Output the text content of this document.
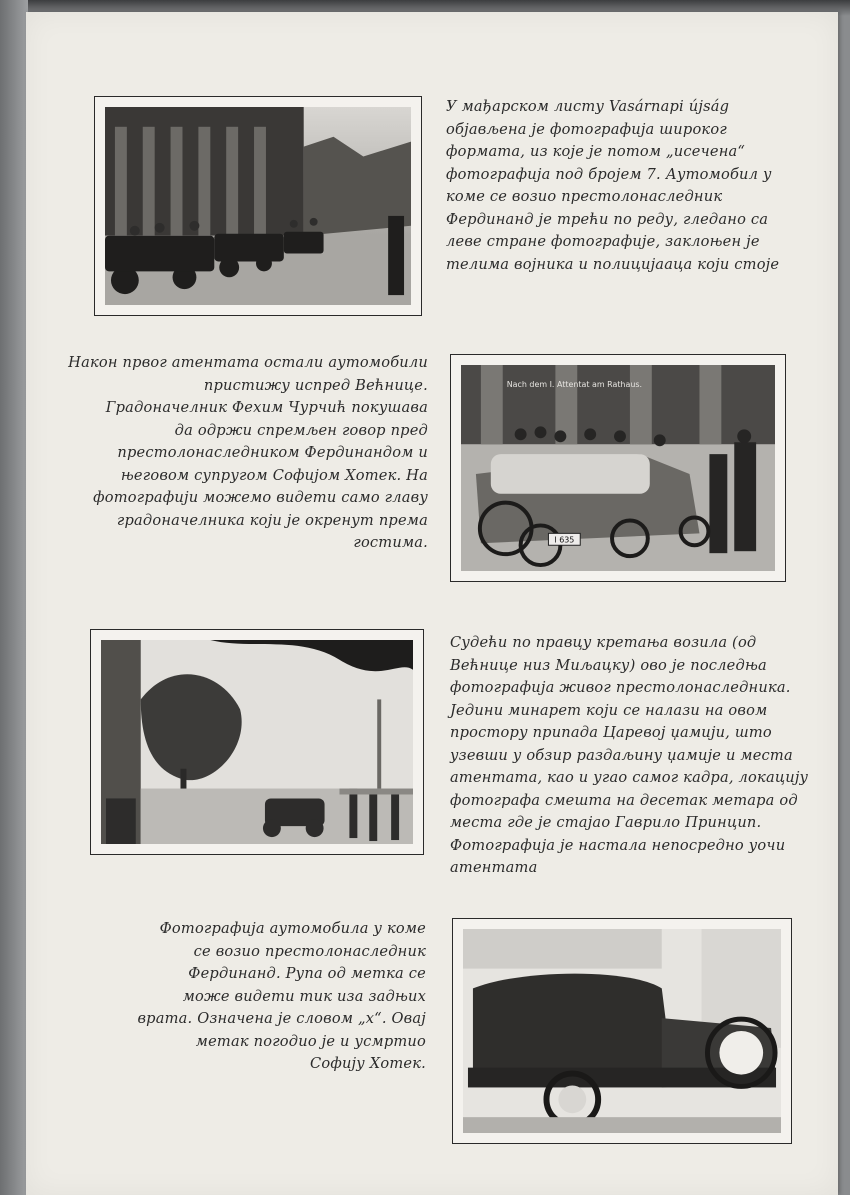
У мађарском листу Vasárnapi újság
објављена је фотографија широког
формата, из које је потом „исечена“
фотографија под бројем 7. Аутомобил у
коме се возио престолонаследник
Фердинанд је трећи по реду, гледано са
леве стране фотографије, заклоњен је
телима војника и полицијааца који стоје
Након првог атентата остали аутомобили
пристижу испред Већнице.
Градоначелник Фехим Чурчић покушава
да одржи спремљен говор пред
престолонаследником Фердинандом и
његовом супругом Софијом Хотек. На
фотографији можемо видети само главу
градоначелника који је окренут према
гостима.
Nach dem I. Attentat am Rathaus.
I 635
Судећи по правцу кретања возила (од
Већнице низ Миљацку) ово је последња
фотографија живог престолонаследника.
Једини минарет који се налази на овом
простору припада Царевој џамији, што
узевши у обзир раздаљину џамије и места
атентата, као и угао самог кадра, локацију
фотографа смешта на десетак метара од
места где је стајао Гаврило Принцип.
Фотографија је настала непосредно уочи
атентата
Фотографија аутомобила у коме
се возио престолонаследник
Фердинанд. Рупа од метка се
може видети тик иза задњих
врата. Означена је словом „х“. Овај
метак погодио је и усмртио
Софију Хотек.
